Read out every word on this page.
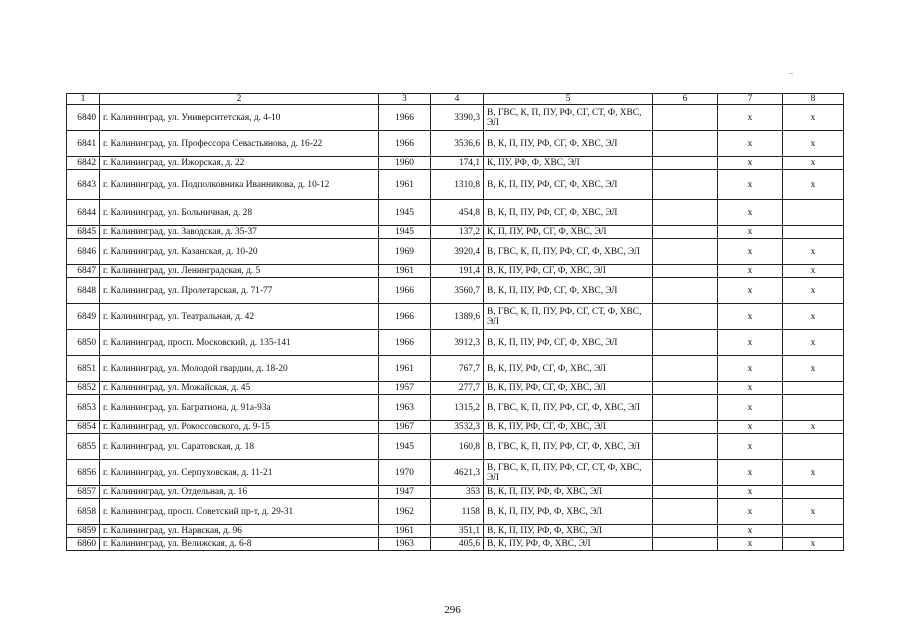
1	2	3	4	5	6	7	8
6840	г. Калининград, ул. Университетская, д. 4-10	1966	3390,3	В, ГВС, К, П, ПУ, РФ, СГ, СТ, Ф, ХВС, ЭЛ		x	x
6841	г. Калининград, ул. Профессора Севастьянова, д. 16-22	1966	3536,6	В, К, П, ПУ, РФ, СГ, Ф, ХВС, ЭЛ		x	x
6842	г. Калининград, ул. Ижорская, д. 22	1960	174,1	К, ПУ, РФ, Ф, ХВС, ЭЛ		x	x
6843	г. Калининград, ул. Подполковника Иванникова, д. 10-12	1961	1310,8	В, К, П, ПУ, РФ, СГ, Ф, ХВС, ЭЛ		x	x
6844	г. Калининград, ул. Больничная, д. 28	1945	454,8	В, К, П, ПУ, РФ, СГ, Ф, ХВС, ЭЛ		x	
6845	г. Калининград, ул. Заводская, д. 35-37	1945	137,2	К, П, ПУ, РФ, СГ, Ф, ХВС, ЭЛ		x	
6846	г. Калининград, ул. Казанская, д. 10-20	1969	3920,4	В, ГВС, К, П, ПУ, РФ, СГ, Ф, ХВС, ЭЛ		x	x
6847	г. Калининград, ул. Ленинградская, д. 5	1961	191,4	В, К, ПУ, РФ, СГ, Ф, ХВС, ЭЛ		x	x
6848	г. Калининград, ул. Пролетарская, д. 71-77	1966	3560,7	В, К, П, ПУ, РФ, СГ, Ф, ХВС, ЭЛ		x	x
6849	г. Калининград, ул. Театральная, д. 42	1966	1389,6	В, ГВС, К, П, ПУ, РФ, СГ, СТ, Ф, ХВС, ЭЛ		x	x
6850	г. Калининград, просп. Московский, д. 135-141	1966	3912,3	В, К, П, ПУ, РФ, СГ, Ф, ХВС, ЭЛ		x	x
6851	г. Калининград, ул. Молодой гвардии, д. 18-20	1961	767,7	В, К, ПУ, РФ, СГ, Ф, ХВС, ЭЛ		x	x
6852	г. Калининград, ул. Можайская, д. 45	1957	277,7	В, К, ПУ, РФ, СГ, Ф, ХВС, ЭЛ		x	
6853	г. Калининград, ул. Багратиона, д. 91а-93а	1963	1315,2	В, ГВС, К, П, ПУ, РФ, СГ, Ф, ХВС, ЭЛ		x	
6854	г. Калининград, ул. Рокоссовского, д. 9-15	1967	3532,3	В, К, ПУ, РФ, СГ, Ф, ХВС, ЭЛ		x	x
6855	г. Калининград, ул. Саратовская, д. 18	1945	160,8	В, ГВС, К, П, ПУ, РФ, СГ, Ф, ХВС, ЭЛ		x	
6856	г. Калининград, ул. Серпуховская, д. 11-21	1970	4621,3	В, ГВС, К, П, ПУ, РФ, СГ, СТ, Ф, ХВС, ЭЛ		x	x
6857	г. Калининград, ул. Отдельная, д. 16	1947	353	В, К, П, ПУ, РФ, Ф, ХВС, ЭЛ		x	
6858	г. Калининград, просп. Советский пр-т, д. 29-31	1962	1158	В, К, П, ПУ, РФ, Ф, ХВС, ЭЛ		x	x
6859	г. Калининград, ул. Нарвская, д. 96	1961	351,1	В, К, П, ПУ, РФ, Ф, ХВС, ЭЛ		x	
6860	г. Калининград, ул. Велижская, д. 6-8	1963	405,6	В, К, ПУ, РФ, Ф, ХВС, ЭЛ		x	x
296
